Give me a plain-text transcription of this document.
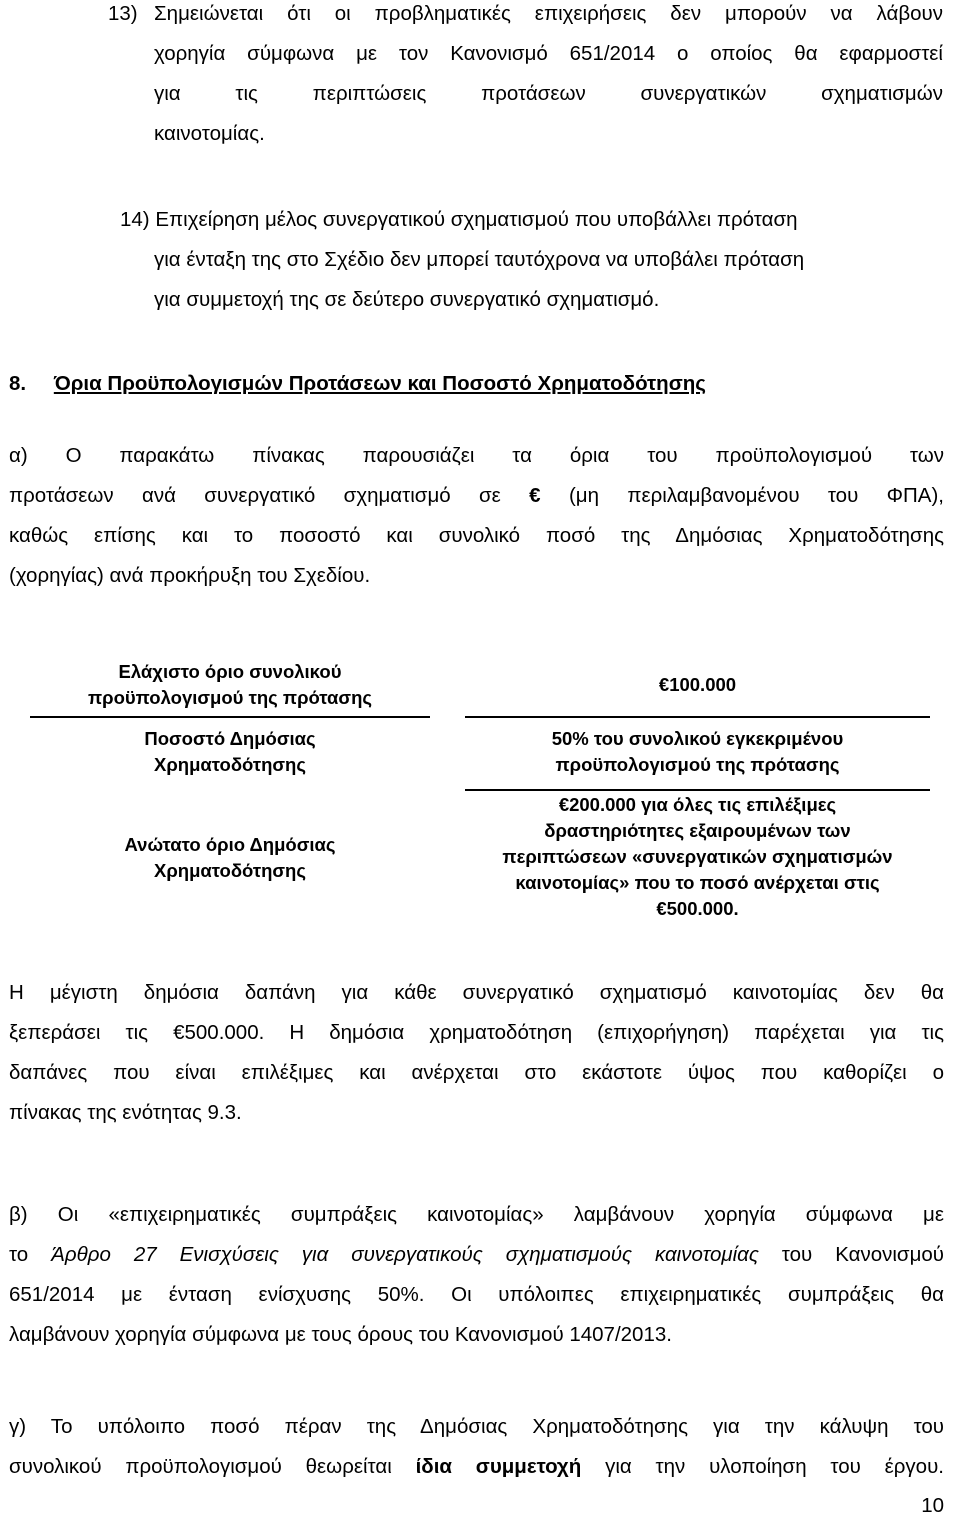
13) Σημειώνεται ότι οι προβληματικές επιχειρήσεις δεν μπορούν να λάβουν
χορηγία σύμφωνα με τον Κανονισμό 651/2014 ο οποίος θα εφαρμοστεί
για τις περιπτώσεις προτάσεων συνεργατικών σχηματισμών
καινοτομίας.
14) Επιχείρηση μέλος συνεργατικού σχηματισμού που υποβάλλει πρόταση
για ένταξη της στο Σχέδιο δεν μπορεί ταυτόχρονα να υποβάλει πρόταση
για συμμετοχή της σε δεύτερο συνεργατικό σχηματισμό.
8. Όρια Προϋπολογισμών Προτάσεων και Ποσοστό Χρηματοδότησης
α) Ο παρακάτω πίνακας παρουσιάζει τα όρια του προϋπολογισμού των
προτάσεων ανά συνεργατικό σχηματισμό σε € (μη περιλαμβανομένου του ΦΠΑ),
καθώς επίσης και το ποσοστό και συνολικό ποσό της Δημόσιας Χρηματοδότησης
(χορηγίας) ανά προκήρυξη του Σχεδίου.
Ελάχιστο όριο συνολικού
προϋπολογισμού της πρότασης
€100.000
Ποσοστό Δημόσιας
Χρηματοδότησης
50% του συνολικού εγκεκριμένου
προϋπολογισμού της πρότασης
Ανώτατο όριο Δημόσιας
Χρηματοδότησης
€200.000 για όλες τις επιλέξιμες
δραστηριότητες εξαιρουμένων των
περιπτώσεων «συνεργατικών σχηματισμών
καινοτομίας» που το ποσό ανέρχεται στις
€500.000.
Η μέγιστη δημόσια δαπάνη για κάθε συνεργατικό σχηματισμό καινοτομίας δεν θα
ξεπεράσει τις €500.000. Η δημόσια χρηματοδότηση (επιχορήγηση) παρέχεται για τις
δαπάνες που είναι επιλέξιμες και ανέρχεται στο εκάστοτε ύψος που καθορίζει ο
πίνακας της ενότητας 9.3.
β) Οι «επιχειρηματικές συμπράξεις καινοτομίας» λαμβάνουν χορηγία σύμφωνα με
το Άρθρο 27 Ενισχύσεις για συνεργατικούς σχηματισμούς καινοτομίας του Κανονισμού
651/2014 με ένταση ενίσχυσης 50%. Οι υπόλοιπες επιχειρηματικές συμπράξεις θα
λαμβάνουν χορηγία σύμφωνα με τους όρους του Κανονισμού 1407/2013.
γ) Το υπόλοιπο ποσό πέραν της Δημόσιας Χρηματοδότησης για την κάλυψη του
συνολικού προϋπολογισμού θεωρείται ίδια συμμετοχή για την υλοποίηση του έργου.
10
